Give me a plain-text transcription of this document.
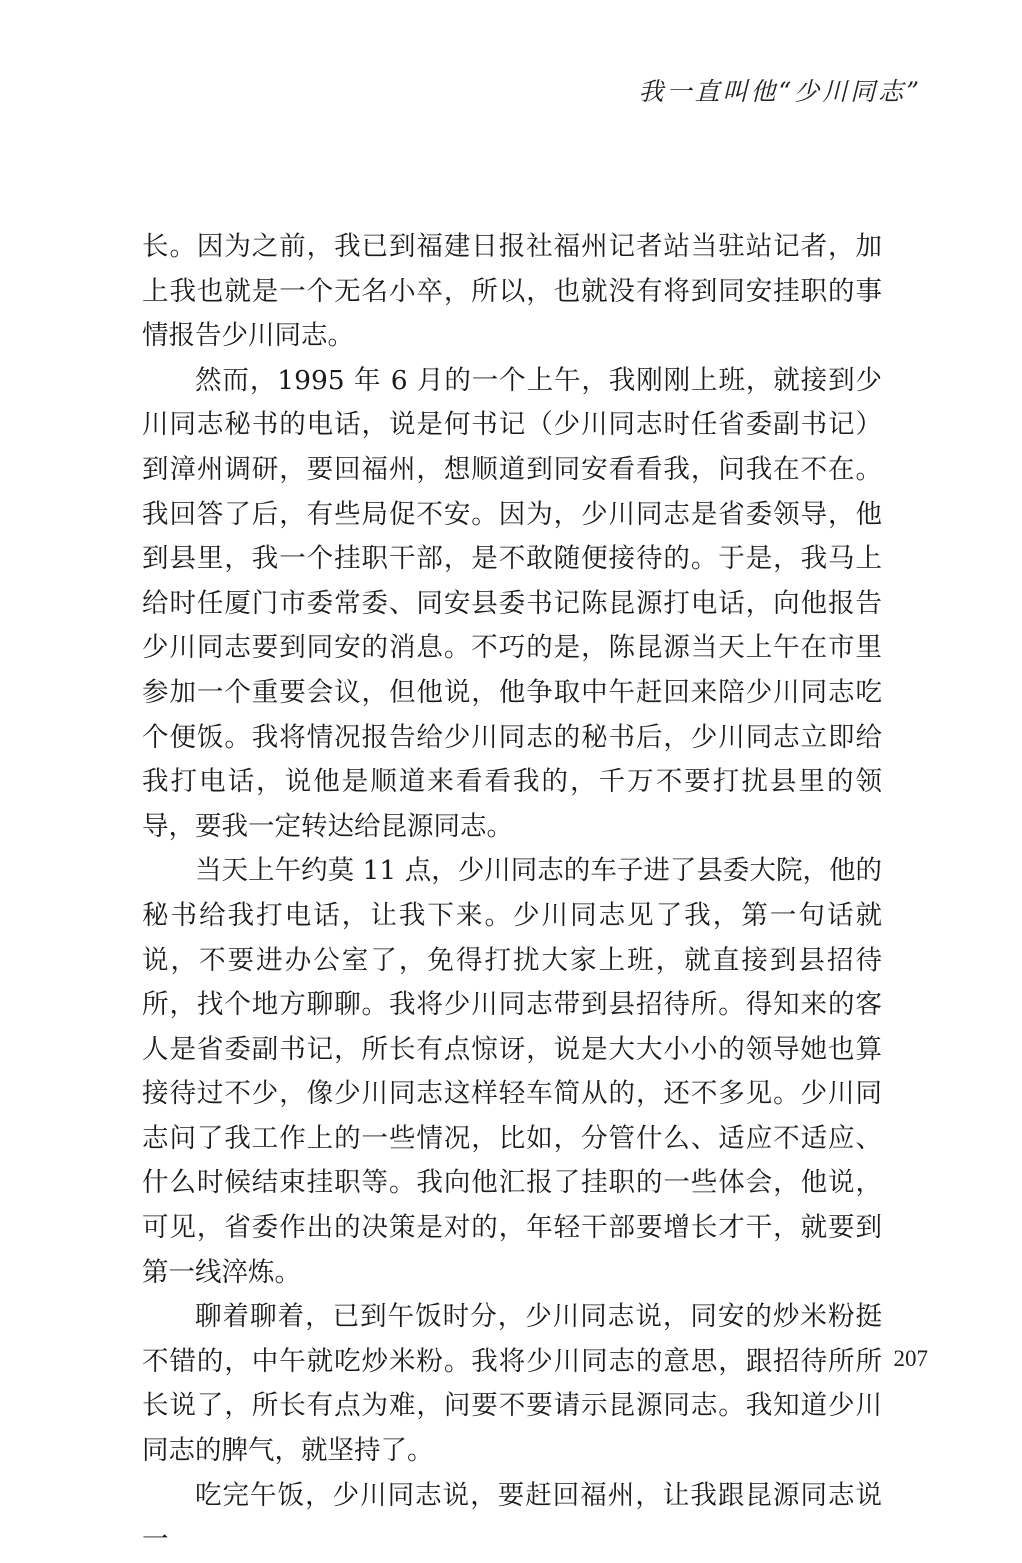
我一直叫他“少川同志”

长。因为之前，我已到福建日报社福州记者站当驻站记者，加上我也就是一个无名小卒，所以，也就没有将到同安挂职的事情报告少川同志。

然而，1995 年 6 月的一个上午，我刚刚上班，就接到少川同志秘书的电话，说是何书记（少川同志时任省委副书记）到漳州调研，要回福州，想顺道到同安看看我，问我在不在。我回答了后，有些局促不安。因为，少川同志是省委领导，他到县里，我一个挂职干部，是不敢随便接待的。于是，我马上给时任厦门市委常委、同安县委书记陈昆源打电话，向他报告少川同志要到同安的消息。不巧的是，陈昆源当天上午在市里参加一个重要会议，但他说，他争取中午赶回来陪少川同志吃个便饭。我将情况报告给少川同志的秘书后，少川同志立即给我打电话，说他是顺道来看看我的，千万不要打扰县里的领导，要我一定转达给昆源同志。

当天上午约莫 11 点，少川同志的车子进了县委大院，他的秘书给我打电话，让我下来。少川同志见了我，第一句话就说，不要进办公室了，免得打扰大家上班，就直接到县招待所，找个地方聊聊。我将少川同志带到县招待所。得知来的客人是省委副书记，所长有点惊讶，说是大大小小的领导她也算接待过不少，像少川同志这样轻车简从的，还不多见。少川同志问了我工作上的一些情况，比如，分管什么、适应不适应、什么时候结束挂职等。我向他汇报了挂职的一些体会，他说，可见，省委作出的决策是对的，年轻干部要增长才干，就要到第一线淬炼。

聊着聊着，已到午饭时分，少川同志说，同安的炒米粉挺不错的，中午就吃炒米粉。我将少川同志的意思，跟招待所所长说了，所长有点为难，问要不要请示昆源同志。我知道少川同志的脾气，就坚持了。

吃完午饭，少川同志说，要赶回福州，让我跟昆源同志说一

207
